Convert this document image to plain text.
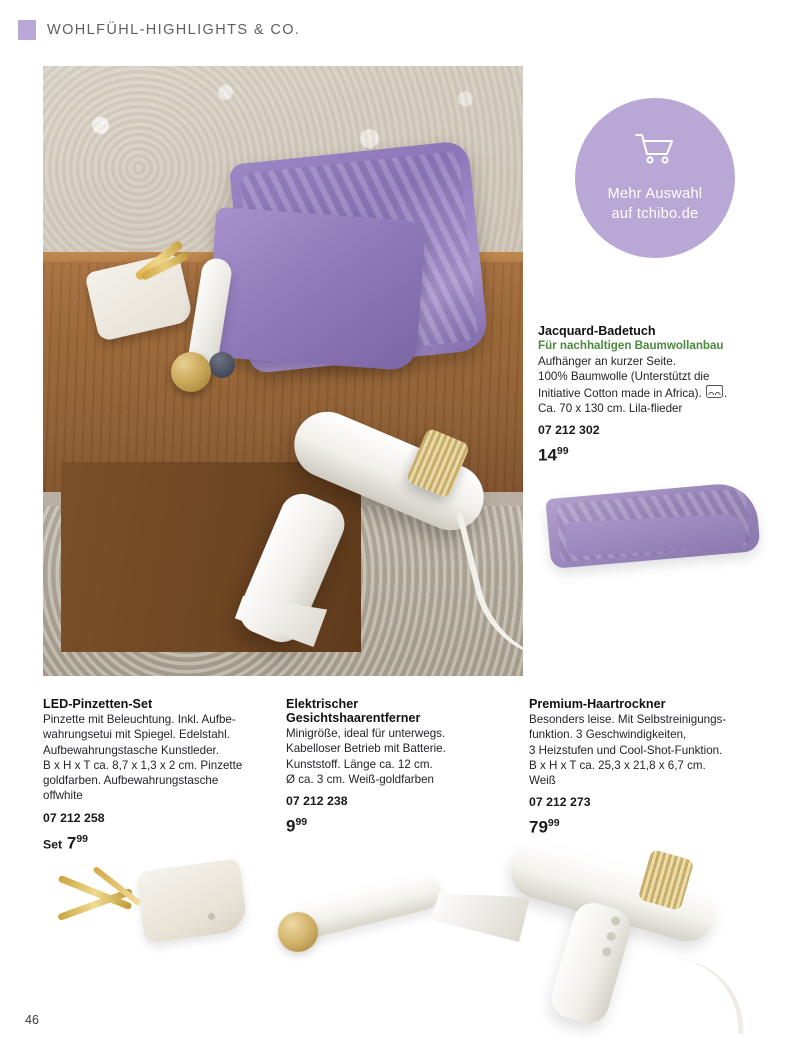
WOHLFÜHL-HIGHLIGHTS & CO.
Mehr Auswahl
auf tchibo.de

Jacquard-Badetuch

Für nachhaltigen Baumwollanbau

Aufhänger an kurzer Seite.
100% Baumwolle (Unterstützt die
Initiative Cotton made in Africa). .
Ca. 70 x 130 cm. Lila-flieder

07 212 302
$14^{99}$

LED-Pinzetten-Set

Pinzette mit Beleuchtung. Inkl. Aufbe-
wahrungsetui mit Spiegel. Edelstahl.
Aufbewahrungstasche Kunstleder.
B x H x T ca. 8,7 x 1,3 x 2 cm. Pinzette
goldfarben. Aufbewahrungstasche
offwhite

07 212 258
Set $7^{99}$

Elektrischer
Gesichtshaarentferner

Minigröße, ideal für unterwegs.
Kabelloser Betrieb mit Batterie.
Kunststoff. Länge ca. 12 cm.
Ø ca. 3 cm. Weiß-goldfarben

07 212 238
$9^{99}$

Premium-Haartrockner

Besonders leise. Mit Selbstreinigungs-
funktion. 3 Geschwindigkeiten,
3 Heizstufen und Cool-Shot-Funktion.
B x H x T ca. 25,3 x 21,8 x 6,7 cm.
Weiß

07 212 273
$79^{99}$
46
